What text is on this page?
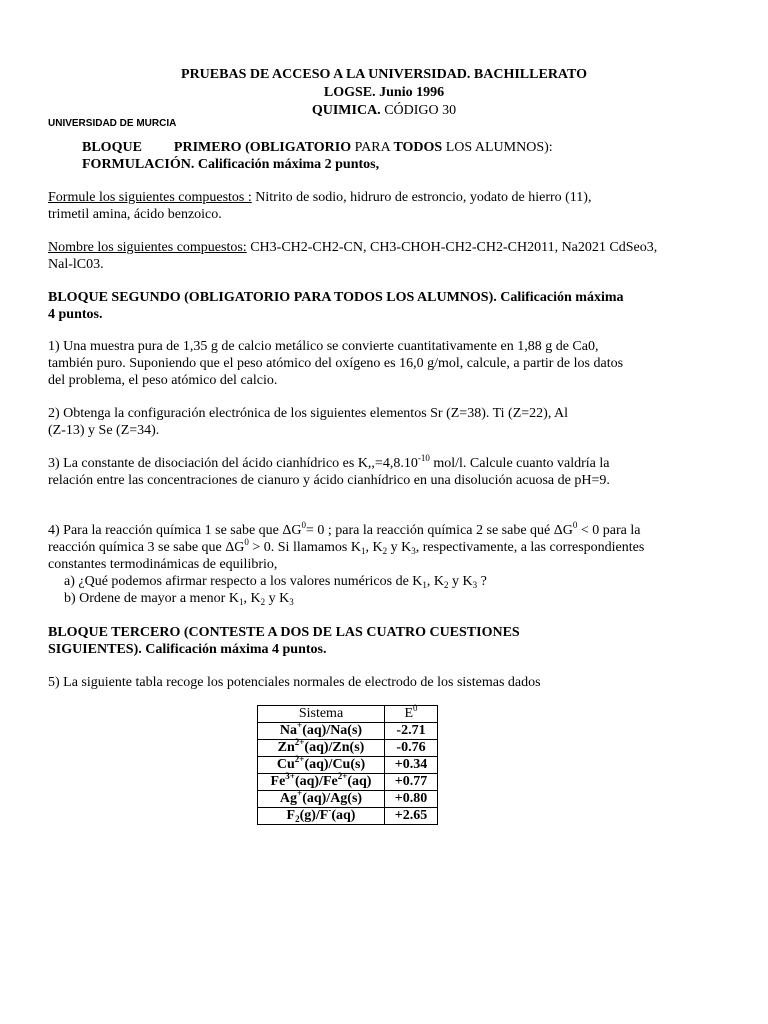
PRUEBAS DE ACCESO A LA UNIVERSIDAD. BACHILLERATO
LOGSE. Junio 1996
QUIMICA. CÓDIGO 30
UNIVERSIDAD DE MURCIA
BLOQUE PRIMERO (OBLIGATORIO PARA TODOS LOS ALUMNOS):
FORMULACIÓN. Calificación máxima 2 puntos,
Formule los siguientes compuestos : Nitrito de sodio, hidruro de estroncio, yodato de hierro (11), trimetil amina, ácido benzoico.
Nombre los siguientes compuestos: CH3-CH2-CH2-CN, CH3-CHOH-CH2-CH2-CH2011, Na2021 CdSeo3, Nal-lC03.
BLOQUE SEGUNDO (OBLIGATORIO PARA TODOS LOS ALUMNOS). Calificación máxima 4 puntos.
1) Una muestra pura de 1,35 g de calcio metálico se convierte cuantitativamente en 1,88 g de Ca0, también puro. Suponiendo que el peso atómico del oxígeno es 16,0 g/mol, calcule, a partir de los datos del problema, el peso atómico del calcio.
2) Obtenga la configuración electrónica de los siguientes elementos Sr (Z=38). Ti (Z=22), Al (Z-13) y Se (Z=34).
3) La constante de disociación del ácido cianhídrico es $K,,=4,8.10^{-10}$ mol/l. Calcule cuanto valdría la relación entre las concentraciones de cianuro y ácido cianhídrico en una disolución acuosa de pH=9.
4) Para la reacción química 1 se sabe que $\Delta G^0= 0$ ; para la reacción química 2 se sabe qué $\Delta G^0 < 0$ para la reacción química 3 se sabe que $\Delta G^0 > 0$. Si llamamos $K_1$, $K_2$ y $K_3$, respectivamente, a las correspondientes constantes termodinámicas de equilibrio,
a) ¿Qué podemos afirmar respecto a los valores numéricos de $K_1$, $K_2$ y $K_3$ ?
b) Ordene de mayor a menor $K_1$, $K_2$ y $K_3$
BLOQUE TERCERO (CONTESTE A DOS DE LAS CUATRO CUESTIONES SIGUIENTES). Calificación máxima 4 puntos.
5) La siguiente tabla recoge los potenciales normales de electrodo de los sistemas dados
Sistema	$E^0$
Na+(aq)/Na(s)	-2.71
$Zn^{2+}(aq)/Zn(s)$	-0.76
$Cu^{2+}(aq)/Cu(s)$	+0.34
$Fe^{3+}(aq)/Fe^{2+}(aq)$	+0.77
Ag+(aq)/Ag(s)	+0.80
$F_2(g)/F^-(aq)$	+2.65
